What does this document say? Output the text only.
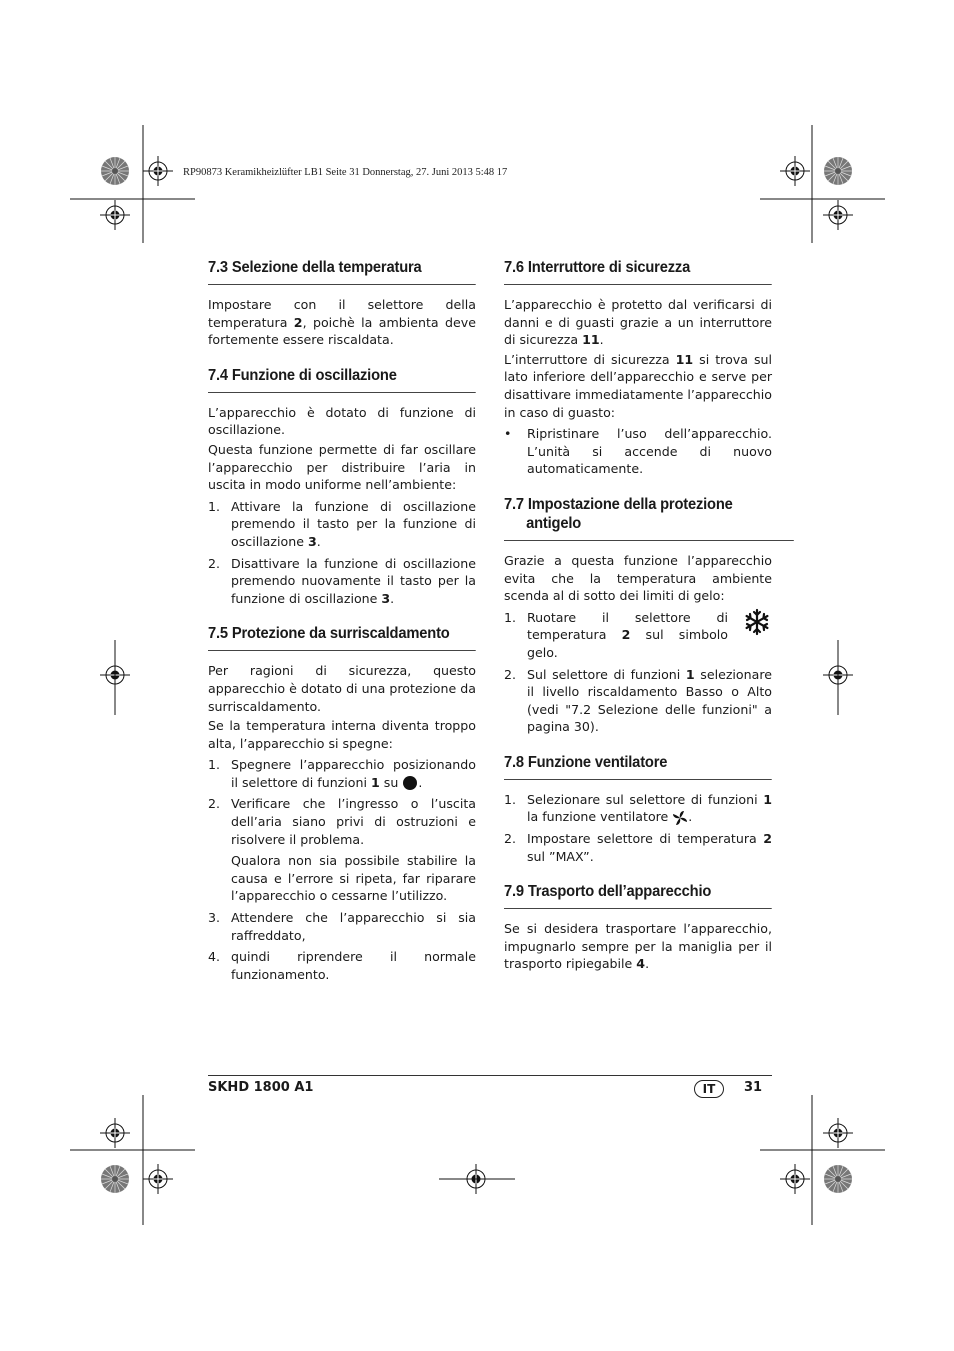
RP90873 Keramikheizlüfter LB1 Seite 31 Donnerstag, 27. Juni 2013 5:48 17
7.3 Selezione della temperatura

Impostare con il selettore della temperatura 2, poichè la ambienta deve fortemente essere riscaldata.

7.4 Funzione di oscillazione

L’apparecchio è dotato di funzione di oscillazione.

Questa funzione permette di far oscillare l’apparecchio per distribuire l’aria in uscita in modo uniforme nell’ambiente:

1. Attivare la funzione di oscillazione premendo il tasto per la funzione di oscillazione 3.
2. Disattivare la funzione di oscillazione premendo nuovamente il tasto per la funzione di oscillazione 3.
7.5 Protezione da surriscaldamento

Per ragioni di sicurezza, questo apparecchio è dotato di una protezione da surriscaldamento.

Se la temperatura interna diventa troppo alta, l’apparecchio si spegne:

1. Spegnere l’apparecchio posizionando il selettore di funzioni 1 su .
2. Verificare che l’ingresso o l’uscita dell’aria siano privi di ostruzioni e risolvere il problema.
Qualora non sia possibile stabilire la causa e l’errore si ripeta, far riparare l’apparecchio o cessarne l’utilizzo.
3. Attendere che l’apparecchio si sia raffreddato,
4. quindi riprendere il normale funzionamento.
7.6 Interruttore di sicurezza

L’apparecchio è protetto dal verificarsi di danni e di guasti grazie a un interruttore di sicurezza 11.

L’interruttore di sicurezza 11 si trova sul lato inferiore dell’apparecchio e serve per disattivare immediatamente l’apparecchio in caso di guasto:

• Ripristinare l’uso dell’apparecchio. L’unità si accende di nuovo automaticamente.
7.7 Impostazione della protezione
antigelo

Grazie a questa funzione l’apparecchio evita che la temperatura ambiente scenda al di sotto dei limiti di gelo:

1. Ruotare il selettore di temperatura 2 sul simbolo gelo.
2. Sul selettore di funzioni 1 selezionare il livello riscaldamento Basso o Alto (vedi "7.2 Selezione delle funzioni" a pagina 30).
7.8 Funzione ventilatore
1. Selezionare sul selettore di funzioni 1 la funzione ventilatore .
2. Impostare selettore di temperatura 2 sul ”MAX”.
7.9 Trasporto dell’apparecchio

Se si desidera trasportare l’apparecchio, impugnarlo sempre per la maniglia per il trasporto ripiegabile 4.

SKHD 1800 A1	IT	31
